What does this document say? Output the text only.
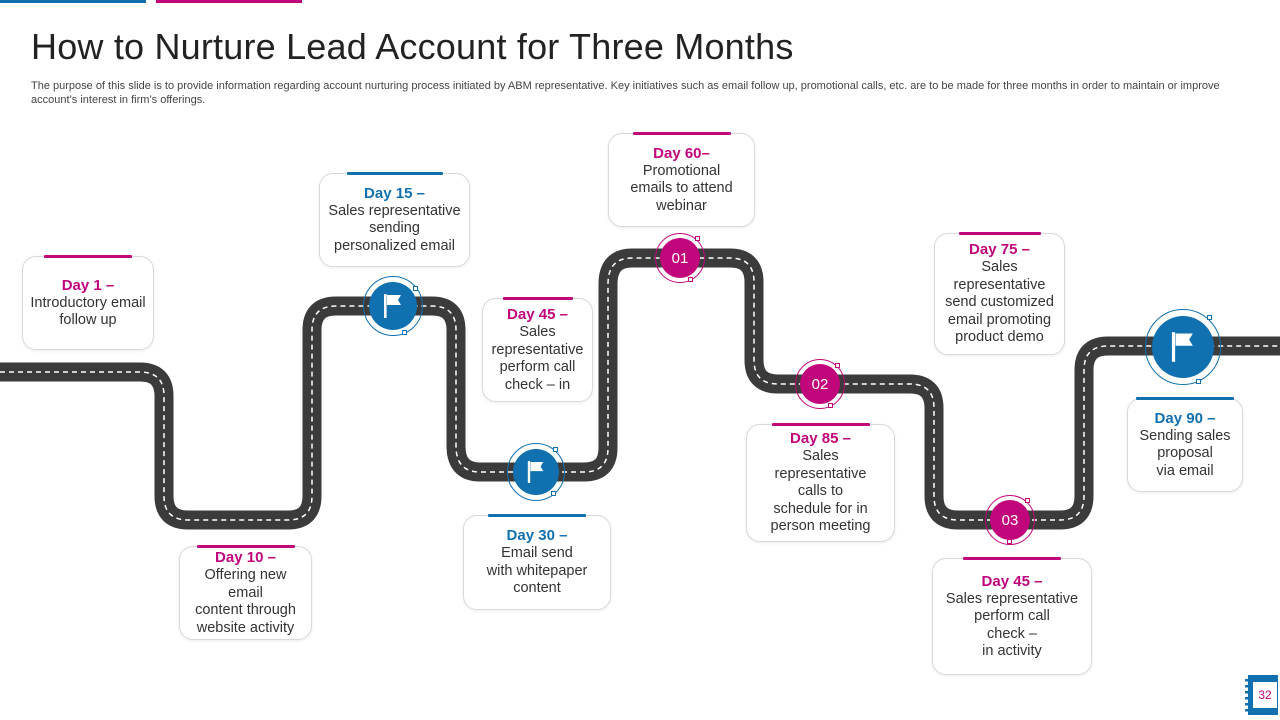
How to Nurture Lead Account for Three Months

The purpose of this slide is to provide information regarding account nurturing process initiated by ABM representative. Key initiatives such as email follow up, promotional calls, etc. are to be made for three months in order to maintain or improve account’s interest in firm’s offerings.

Day 1 –
Introductory email
follow up
Day 10 –
Offering new email
content through
website activity
Day 15 –
Sales representative
sending
personalized email
Day 45 –
Sales
representative
perform call
check – in
Day 30 –
Email send
with whitepaper
content
Day 60–
Promotional
emails to attend
webinar
Day 85 –
Sales
representative
calls to
schedule for in
person meeting
Day 75 –
Sales
representative
send customized
email promoting
product demo
Day 45 –
Sales representative
perform call
check –
in activity
Day 90 –
Sending sales
proposal
via email
01
02
03
32
